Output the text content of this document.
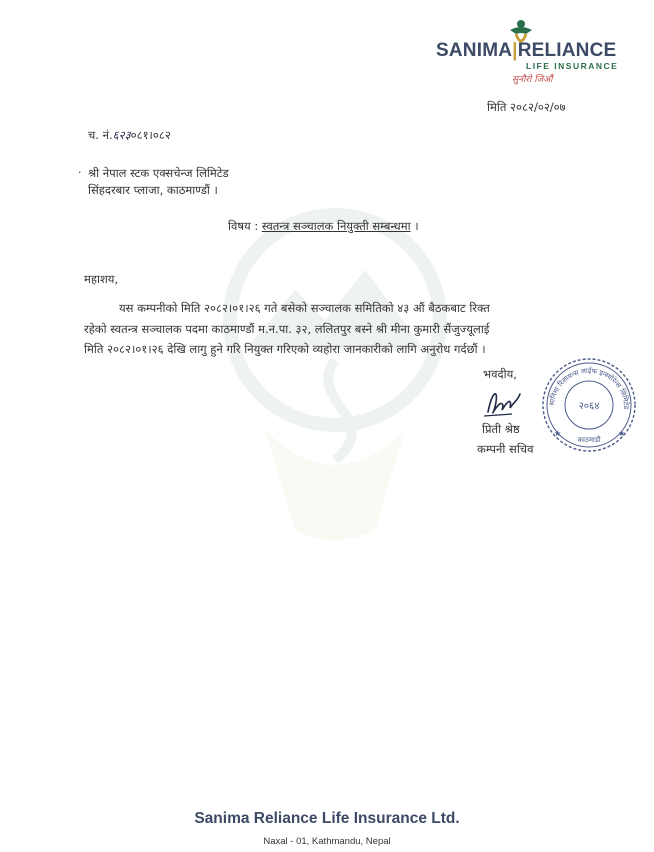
SANIMA|RELIANCE
LIFE INSURANCE
सुनौरो जिऔं
मिति २०८२/०२/०७
च. नं.६२३०८१।०८२
· श्री नेपाल स्टक एक्सचेन्ज लिमिटेड
सिंहदरबार प्लाजा, काठमाण्डौं ।
विषय : स्वतन्त्र सञ्चालक नियुक्ती सम्बन्धमा ।
महाशय,

यस कम्पनीको मिति २०८२।०१।२६ गते बसेको सञ्चालक समितिको ४३ औं बैठकबाट रिक्त

रहेको स्वतन्त्र सञ्चालक पदमा काठमाण्डौं म.न.पा. ३२, ललितपुर बस्ने श्री मीना कुमारी सैंजुज्यूलाई

मिति २०८२।०१।२६ देखि लागु हुने गरि नियुक्त गरिएको व्यहोरा जानकारीको लागि अनुरोध गर्दछौं ।

भवदीय,
प्रिती श्रेष्ठ
कम्पनी सचिव
सानिमा रिलायन्स लाईफ इन्स्योरेन्स लिमिटेड
२०६४
काठमाडौं
★	★
Sanima Reliance Life Insurance Ltd.
Naxal - 01, Kathmandu, Nepal
